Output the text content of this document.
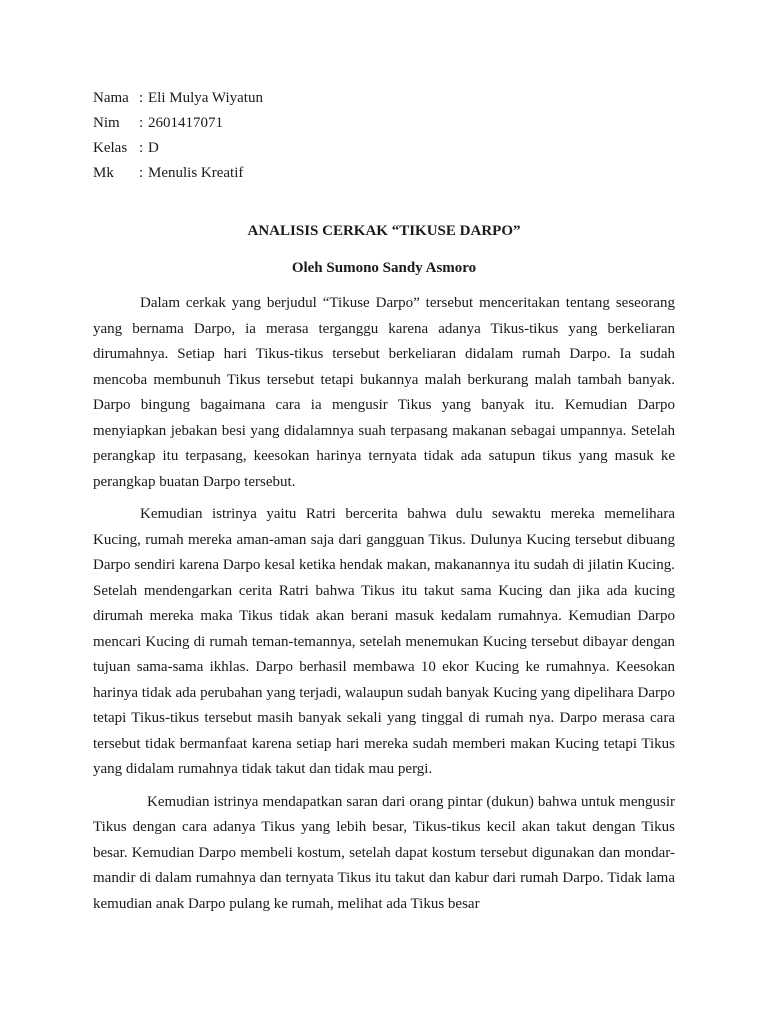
Nama : Eli Mulya Wiyatun
Nim	: 2601417071
Kelas : D
Mk	: Menulis Kreatif
ANALISIS CERKAK “TIKUSE DARPO”
Oleh Sumono Sandy Asmoro

Dalam cerkak yang berjudul “Tikuse Darpo” tersebut menceritakan tentang seseorang yang bernama Darpo, ia merasa terganggu karena adanya Tikus-tikus yang berkeliaran dirumahnya. Setiap hari Tikus-tikus tersebut berkeliaran didalam rumah Darpo. Ia sudah mencoba membunuh Tikus tersebut tetapi bukannya malah berkurang malah tambah banyak. Darpo bingung bagaimana cara ia mengusir Tikus yang banyak itu. Kemudian Darpo menyiapkan jebakan besi yang didalamnya suah terpasang makanan sebagai umpannya. Setelah perangkap itu terpasang, keesokan harinya ternyata tidak ada satupun tikus yang masuk ke perangkap buatan Darpo tersebut.

Kemudian istrinya yaitu Ratri bercerita bahwa dulu sewaktu mereka memelihara Kucing, rumah mereka aman-aman saja dari gangguan Tikus. Dulunya Kucing tersebut dibuang Darpo sendiri karena Darpo kesal ketika hendak makan, makanannya itu sudah di jilatin Kucing. Setelah mendengarkan cerita Ratri bahwa Tikus itu takut sama Kucing dan jika ada kucing dirumah mereka maka Tikus tidak akan berani masuk kedalam rumahnya. Kemudian Darpo mencari Kucing di rumah teman-temannya, setelah menemukan Kucing tersebut dibayar dengan tujuan sama-sama ikhlas. Darpo berhasil membawa 10 ekor Kucing ke rumahnya. Keesokan harinya tidak ada perubahan yang terjadi, walaupun sudah banyak Kucing yang dipelihara Darpo tetapi Tikus-tikus tersebut masih banyak sekali yang tinggal di rumah nya. Darpo merasa cara tersebut tidak bermanfaat karena setiap hari mereka sudah memberi makan Kucing tetapi Tikus yang didalam rumahnya tidak takut dan tidak mau pergi.

Kemudian istrinya mendapatkan saran dari orang pintar (dukun) bahwa untuk mengusir Tikus dengan cara adanya Tikus yang lebih besar, Tikus-tikus kecil akan takut dengan Tikus besar. Kemudian Darpo membeli kostum, setelah dapat kostum tersebut digunakan dan mondar-mandir di dalam rumahnya dan ternyata Tikus itu takut dan kabur dari rumah Darpo. Tidak lama kemudian anak Darpo pulang ke rumah, melihat ada Tikus besar
